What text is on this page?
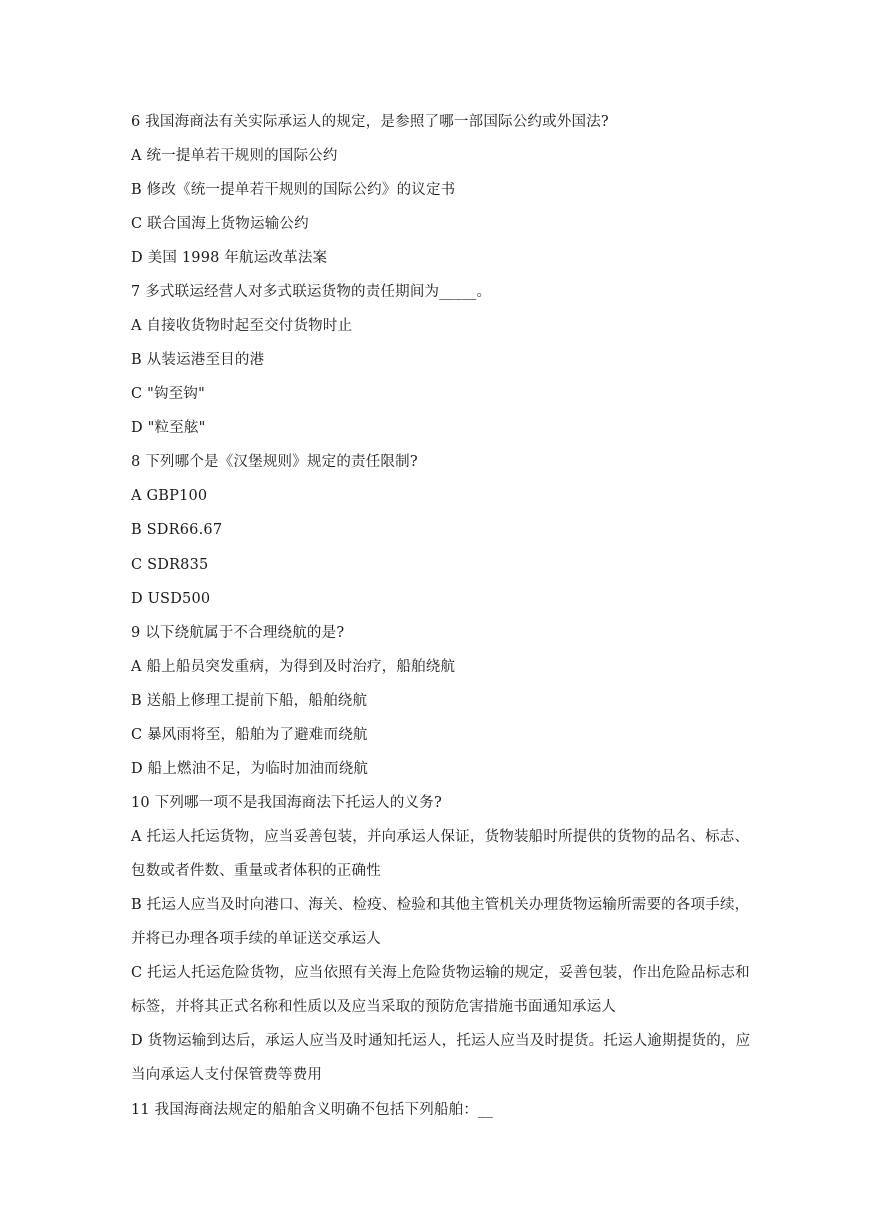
6 我国海商法有关实际承运人的规定，是参照了哪一部国际公约或外国法?
A 统一提单若干规则的国际公约
B 修改《统一提单若干规则的国际公约》的议定书
C 联合国海上货物运输公约
D 美国 1998 年航运改革法案
7 多式联运经营人对多式联运货物的责任期间为_____。
A 自接收货物时起至交付货物时止
B 从装运港至目的港
C "钩至钩"
D "粒至舷"
8 下列哪个是《汉堡规则》规定的责任限制?
A GBP100
B SDR66.67
C SDR835
D USD500
9 以下绕航属于不合理绕航的是?
A 船上船员突发重病，为得到及时治疗，船舶绕航
B 送船上修理工提前下船，船舶绕航
C 暴风雨将至，船舶为了避难而绕航
D 船上燃油不足，为临时加油而绕航
10 下列哪一项不是我国海商法下托运人的义务?
A 托运人托运货物，应当妥善包装，并向承运人保证，货物装船时所提供的货物的品名、标志、包数或者件数、重量或者体积的正确性
B 托运人应当及时向港口、海关、检疫、检验和其他主管机关办理货物运输所需要的各项手续，并将已办理各项手续的单证送交承运人
C 托运人托运危险货物，应当依照有关海上危险货物运输的规定，妥善包装，作出危险品标志和标签，并将其正式名称和性质以及应当采取的预防危害措施书面通知承运人
D 货物运输到达后，承运人应当及时通知托运人，托运人应当及时提货。托运人逾期提货的，应当向承运人支付保管费等费用
11 我国海商法规定的船舶含义明确不包括下列船舶：__
